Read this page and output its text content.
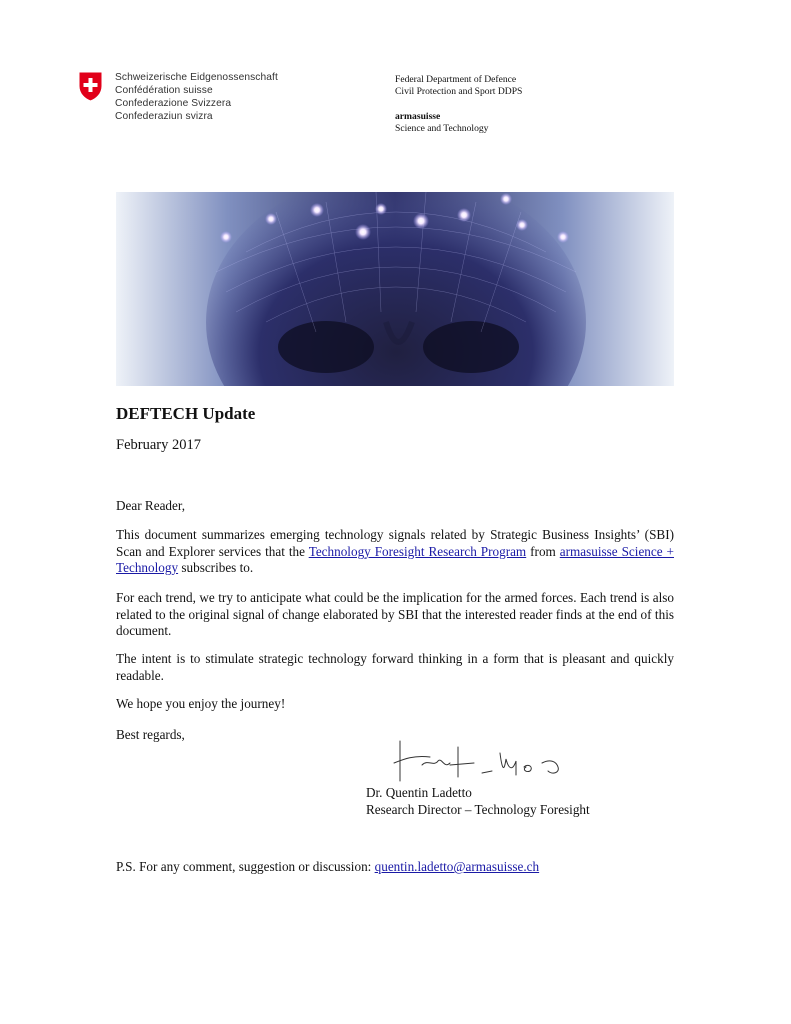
Schweizerische Eidgenossenschaft
Confédération suisse
Confederazione Svizzera
Confederaziun svizra
Federal Department of Defence
Civil Protection and Sport DDPS
armasuisse
Science and Technology
DEFTECH Update
February 2017
Dear Reader,

This document summarizes emerging technology signals related by Strategic Business Insights’ (SBI) Scan and Explorer services that the Technology Foresight Research Program from armasuisse Science + Technology subscribes to.

For each trend, we try to anticipate what could be the implication for the armed forces. Each trend is also related to the original signal of change elaborated by SBI that the interested reader finds at the end of this document.

The intent is to stimulate strategic technology forward thinking in a form that is pleasant and quickly readable.

We hope you enjoy the journey!
Best regards,
Dr. Quentin Ladetto
Research Director – Technology Foresight
P.S. For any comment, suggestion or discussion: quentin.ladetto@armasuisse.ch
